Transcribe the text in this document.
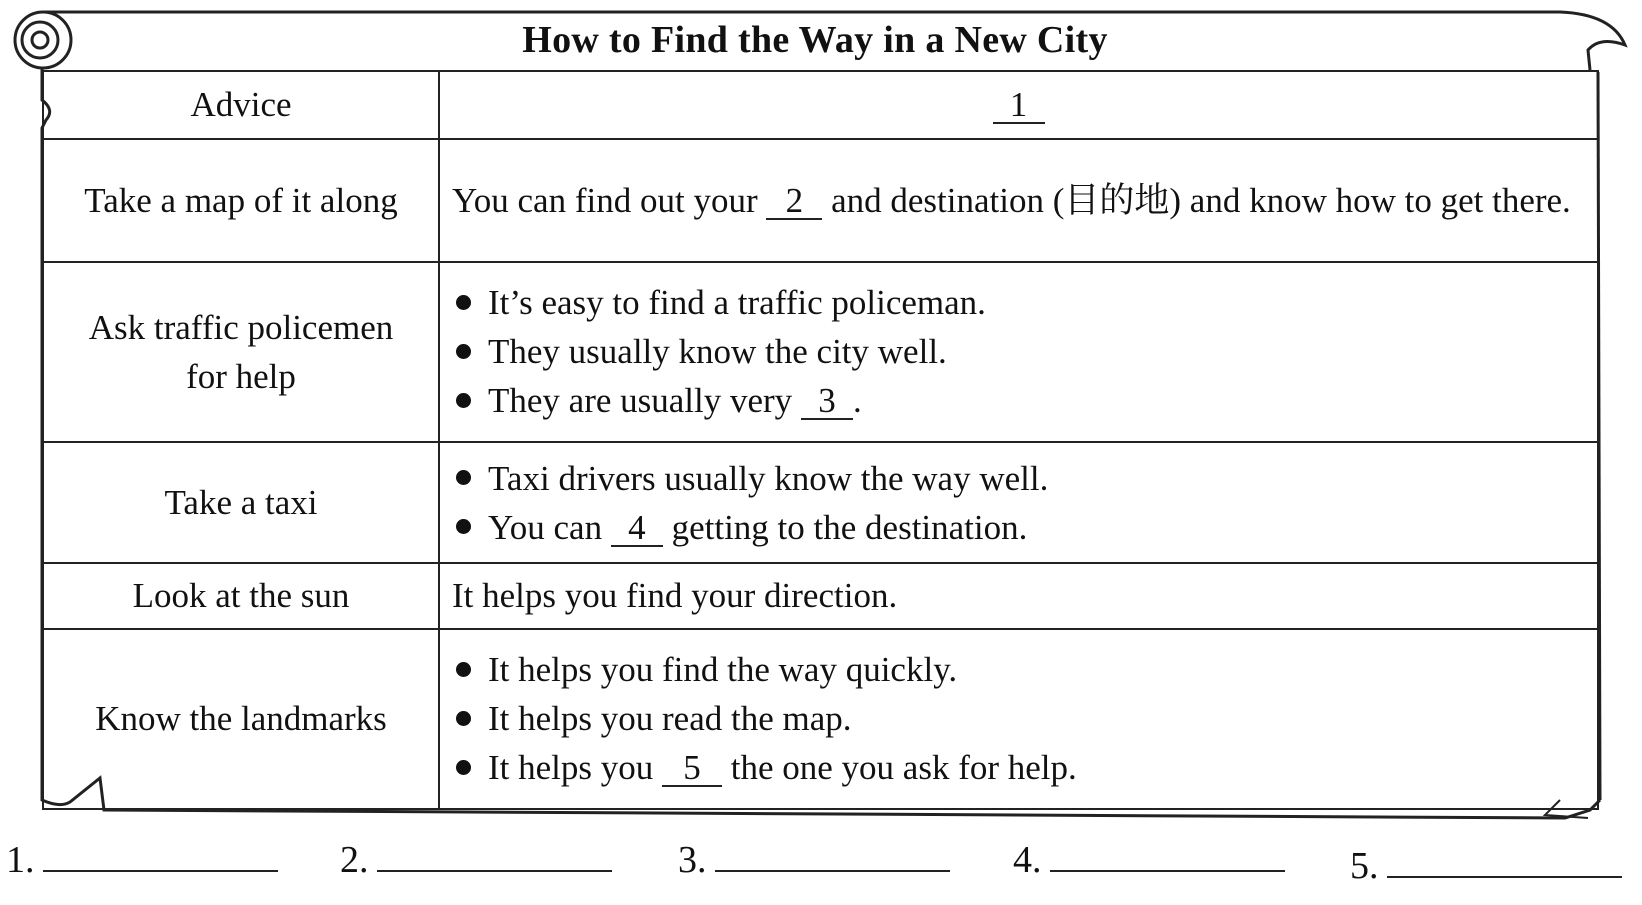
How to Find the Way in a New City
Advice	1
Take a map of it along	You can find out your 2 and destination (目的地) and know how to get there.
Ask traffic policemen for help	It’s easy to find a traffic policeman.
They usually know the city well.
They are usually very 3 .

Take a taxi	Taxi drivers usually know the way well.
You can 4 getting to the destination.

Look at the sun	It helps you find your direction.
Know the landmarks	It helps you find the way quickly.
It helps you read the map.
It helps you 5 the one you ask for help.
1.	2.	3.	4.	5.
